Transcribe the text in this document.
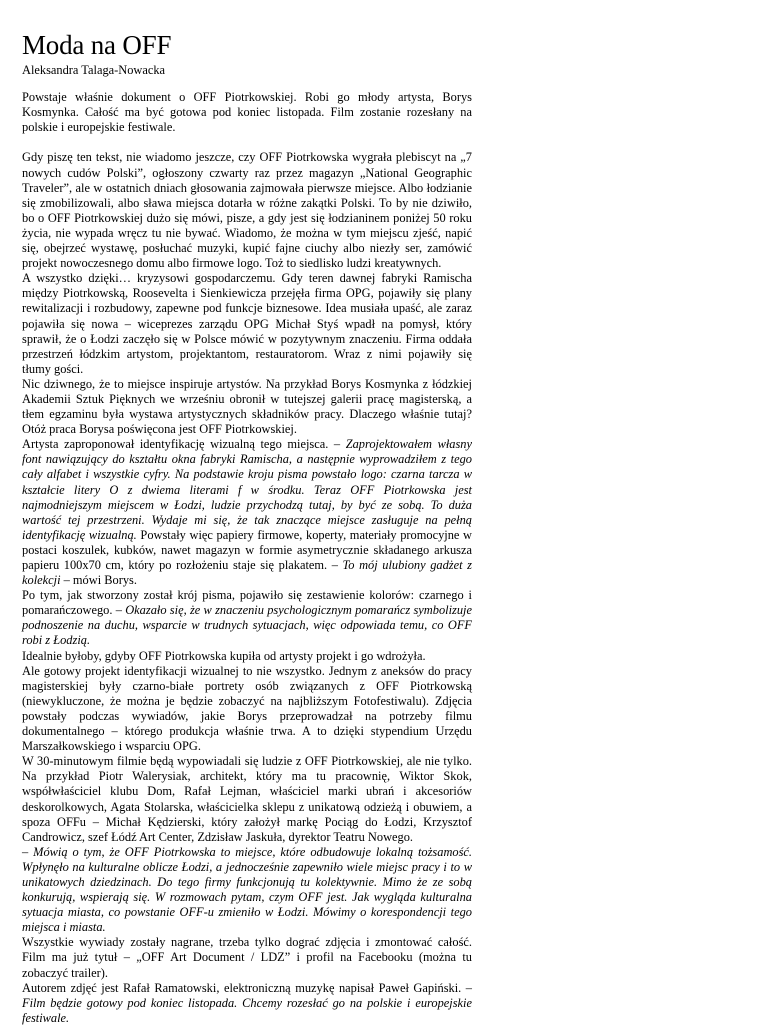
Moda na OFF
Aleksandra Talaga-Nowacka

Powstaje właśnie dokument o OFF Piotrkowskiej. Robi go młody artysta, Borys Kosmynka. Całość ma być gotowa pod koniec listopada. Film zostanie rozesłany na polskie i europejskie festiwale.

Gdy piszę ten tekst, nie wiadomo jeszcze, czy OFF Piotrkowska wygrała plebiscyt na „7 nowych cudów Polski”, ogłoszony czwarty raz przez magazyn „National Geographic Traveler”, ale w ostatnich dniach głosowania zajmowała pierwsze miejsce. Albo łodzianie się zmobilizowali, albo sława miejsca dotarła w różne zakątki Polski. To by nie dziwiło, bo o OFF Piotrkowskiej dużo się mówi, pisze, a gdy jest się łodzianinem poniżej 50 roku życia, nie wypada wręcz tu nie bywać. Wiadomo, że można w tym miejscu zjeść, napić się, obejrzeć wystawę, posłuchać muzyki, kupić fajne ciuchy albo niezły ser, zamówić projekt nowoczesnego domu albo firmowe logo. Toż to siedlisko ludzi kreatywnych.

A wszystko dzięki… kryzysowi gospodarczemu. Gdy teren dawnej fabryki Ramischa między Piotrkowską, Roosevelta i Sienkiewicza przejęła firma OPG, pojawiły się plany rewitalizacji i rozbudowy, zapewne pod funkcje biznesowe. Idea musiała upaść, ale zaraz pojawiła się nowa – wiceprezes zarządu OPG Michał Styś wpadł na pomysł, który sprawił, że o Łodzi zaczęło się w Polsce mówić w pozytywnym znaczeniu. Firma oddała przestrzeń łódzkim artystom, projektantom, restauratorom. Wraz z nimi pojawiły się tłumy gości.

Nic dziwnego, że to miejsce inspiruje artystów. Na przykład Borys Kosmynka z łódzkiej Akademii Sztuk Pięknych we wrześniu obronił w tutejszej galerii pracę magisterską, a tłem egzaminu była wystawa artystycznych składników pracy. Dlaczego właśnie tutaj? Otóż praca Borysa poświęcona jest OFF Piotrkowskiej.

Artysta zaproponował identyfikację wizualną tego miejsca. – Zaprojektowałem własny font nawiązujący do kształtu okna fabryki Ramischa, a następnie wyprowadziłem z tego cały alfabet i wszystkie cyfry. Na podstawie kroju pisma powstało logo: czarna tarcza w kształcie litery O z dwiema literami f w środku. Teraz OFF Piotrkowska jest najmodniejszym miejscem w Łodzi, ludzie przychodzą tutaj, by być ze sobą. To duża wartość tej przestrzeni. Wydaje mi się, że tak znaczące miejsce zasługuje na pełną identyfikację wizualną. Powstały więc papiery firmowe, koperty, materiały promocyjne w postaci koszulek, kubków, nawet magazyn w formie asymetrycznie składanego arkusza papieru 100x70 cm, który po rozłożeniu staje się plakatem. – To mój ulubiony gadżet z kolekcji – mówi Borys.

Po tym, jak stworzony został krój pisma, pojawiło się zestawienie kolorów: czarnego i pomarańczowego. – Okazało się, że w znaczeniu psychologicznym pomarańcz symbolizuje podnoszenie na duchu, wsparcie w trudnych sytuacjach, więc odpowiada temu, co OFF robi z Łodzią.

Idealnie byłoby, gdyby OFF Piotrkowska kupiła od artysty projekt i go wdrożyła.

Ale gotowy projekt identyfikacji wizualnej to nie wszystko. Jednym z aneksów do pracy magisterskiej były czarno-białe portrety osób związanych z OFF Piotrkowską (niewykluczone, że można je będzie zobaczyć na najbliższym Fotofestiwalu). Zdjęcia powstały podczas wywiadów, jakie Borys przeprowadzał na potrzeby filmu dokumentalnego – którego produkcja właśnie trwa. A to dzięki stypendium Urzędu Marszałkowskiego i wsparciu OPG.

W 30-minutowym filmie będą wypowiadali się ludzie z OFF Piotrkowskiej, ale nie tylko. Na przykład Piotr Walerysiak, architekt, który ma tu pracownię, Wiktor Skok, współwłaściciel klubu Dom, Rafał Lejman, właściciel marki ubrań i akcesoriów deskorolkowych, Agata Stolarska, właścicielka sklepu z unikatową odzieżą i obuwiem, a spoza OFFu – Michał Kędzierski, który założył markę Pociąg do Łodzi, Krzysztof Candrowicz, szef Łódź Art Center, Zdzisław Jaskuła, dyrektor Teatru Nowego.

– Mówią o tym, że OFF Piotrkowska to miejsce, które odbudowuje lokalną tożsamość. Wpłynęło na kulturalne oblicze Łodzi, a jednocześnie zapewniło wiele miejsc pracy i to w unikatowych dziedzinach. Do tego firmy funkcjonują tu kolektywnie. Mimo że ze sobą konkurują, wspierają się. W rozmowach pytam, czym OFF jest. Jak wygląda kulturalna sytuacja miasta, co powstanie OFF-u zmieniło w Łodzi. Mówimy o korespondencji tego miejsca i miasta.

Wszystkie wywiady zostały nagrane, trzeba tylko dograć zdjęcia i zmontować całość. Film ma już tytuł – „OFF Art Document / LDZ” i profil na Facebooku (można tu zobaczyć trailer).

Autorem zdjęć jest Rafał Ramatowski, elektroniczną muzykę napisał Paweł Gapiński. – Film będzie gotowy pod koniec listopada. Chcemy rozesłać go na polskie i europejskie festiwale.
